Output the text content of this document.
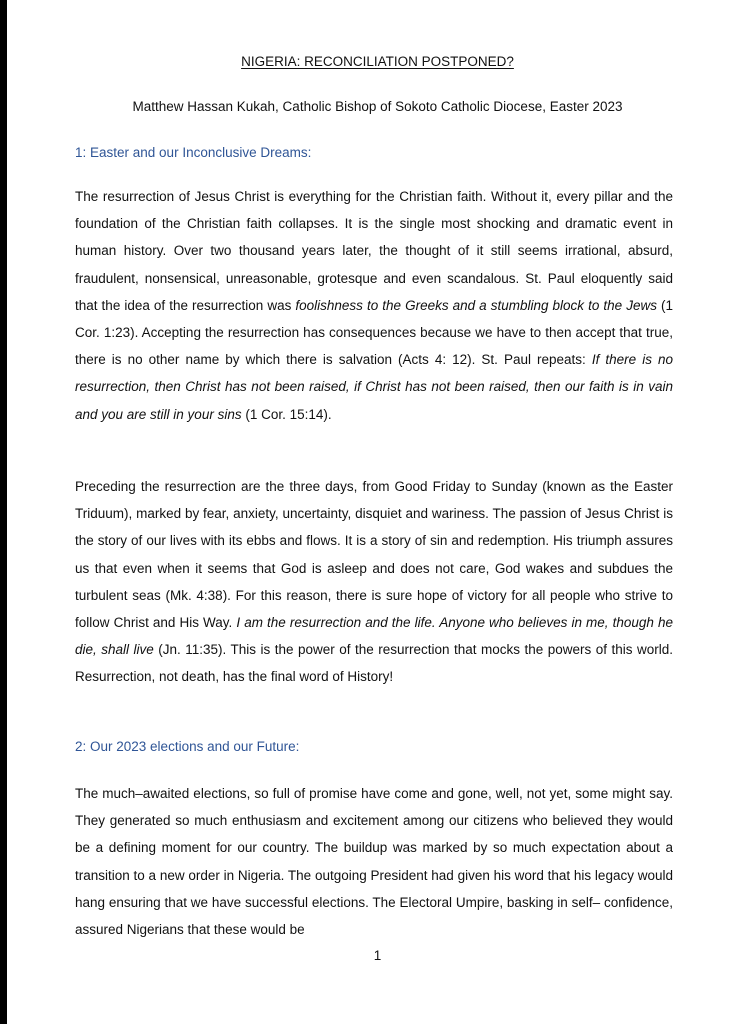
NIGERIA: RECONCILIATION POSTPONED?
Matthew Hassan Kukah, Catholic Bishop of Sokoto Catholic Diocese, Easter 2023
1: Easter and our Inconclusive Dreams:

The resurrection of Jesus Christ is everything for the Christian faith. Without it, every pillar and the foundation of the Christian faith collapses. It is the single most shocking and dramatic event in human history. Over two thousand years later, the thought of it still seems irrational, absurd, fraudulent, nonsensical, unreasonable, grotesque and even scandalous. St. Paul eloquently said that the idea of the resurrection was foolishness to the Greeks and a stumbling block to the Jews (1 Cor. 1:23). Accepting the resurrection has consequences because we have to then accept that true, there is no other name by which there is salvation (Acts 4: 12). St. Paul repeats: If there is no resurrection, then Christ has not been raised, if Christ has not been raised, then our faith is in vain and you are still in your sins (1 Cor. 15:14).

Preceding the resurrection are the three days, from Good Friday to Sunday (known as the Easter Triduum), marked by fear, anxiety, uncertainty, disquiet and wariness. The passion of Jesus Christ is the story of our lives with its ebbs and flows. It is a story of sin and redemption. His triumph assures us that even when it seems that God is asleep and does not care, God wakes and subdues the turbulent seas (Mk. 4:38). For this reason, there is sure hope of victory for all people who strive to follow Christ and His Way. I am the resurrection and the life. Anyone who believes in me, though he die, shall live (Jn. 11:35). This is the power of the resurrection that mocks the powers of this world. Resurrection, not death, has the final word of History!

2: Our 2023 elections and our Future:

The much–awaited elections, so full of promise have come and gone, well, not yet, some might say. They generated so much enthusiasm and excitement among our citizens who believed they would be a defining moment for our country. The buildup was marked by so much expectation about a transition to a new order in Nigeria. The outgoing President had given his word that his legacy would hang ensuring that we have successful elections. The Electoral Umpire, basking in self– confidence, assured Nigerians that these would be

1
